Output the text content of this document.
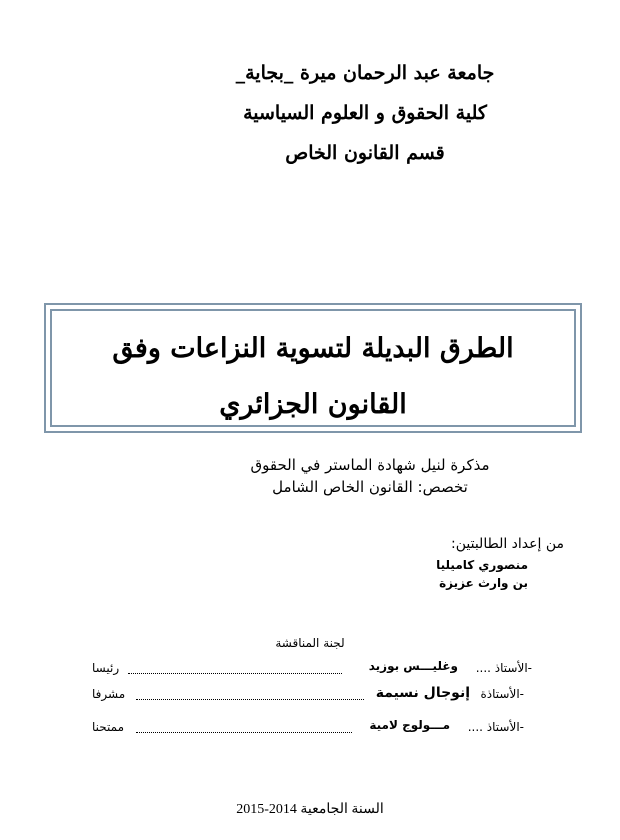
جامعة عبد الرحمان ميرة _بجاية_
كلية الحقوق و العلوم السياسية
قسم القانون الخاص
الطرق البديلة لتسوية النزاعات وفق
القانون الجزائري
مذكرة لنيل شهادة الماستر في الحقوق
تخصص: القانون الخاص الشامل
من إعداد الطالبتين:
منصوري كاميليا
بن وارث عزيزة
لجنة المناقشة
-الأستاذ ....
وغليـــس بوزيد
رئيسا
-الأستاذة
إنوجال نسيمة
مشرفا
-الأستاذ ....
مـــولوج لامية
ممتحنا
السنة الجامعية 2014-2015
